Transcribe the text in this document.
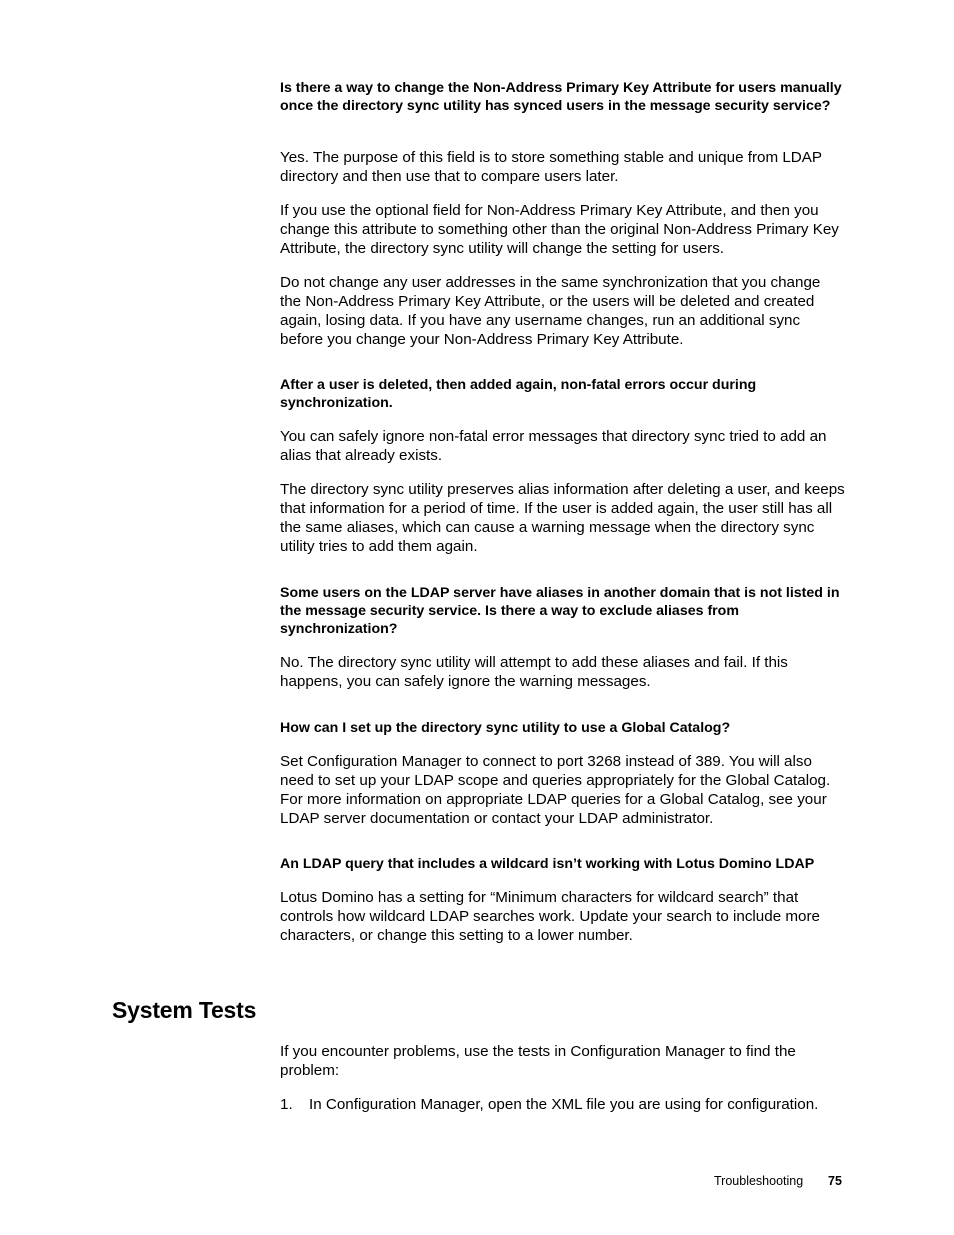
Is there a way to change the Non-Address Primary Key Attribute for users manually once the directory sync utility has synced users in the message security service?

Yes. The purpose of this field is to store something stable and unique from LDAP directory and then use that to compare users later.

If you use the optional field for Non-Address Primary Key Attribute, and then you change this attribute to something other than the original Non-Address Primary Key Attribute, the directory sync utility will change the setting for users.

Do not change any user addresses in the same synchronization that you change the Non-Address Primary Key Attribute, or the users will be deleted and created again, losing data. If you have any username changes, run an additional sync before you change your Non-Address Primary Key Attribute.

After a user is deleted, then added again, non-fatal errors occur during synchronization.

You can safely ignore non-fatal error messages that directory sync tried to add an alias that already exists.

The directory sync utility preserves alias information after deleting a user, and keeps that information for a period of time. If the user is added again, the user still has all the same aliases, which can cause a warning message when the directory sync utility tries to add them again.

Some users on the LDAP server have aliases in another domain that is not listed in the message security service. Is there a way to exclude aliases from synchronization?

No. The directory sync utility will attempt to add these aliases and fail. If this happens, you can safely ignore the warning messages.

How can I set up the directory sync utility to use a Global Catalog?

Set Configuration Manager to connect to port 3268 instead of 389. You will also need to set up your LDAP scope and queries appropriately for the Global Catalog. For more information on appropriate LDAP queries for a Global Catalog, see your LDAP server documentation or contact your LDAP administrator.

An LDAP query that includes a wildcard isn’t working with Lotus Domino LDAP

Lotus Domino has a setting for “Minimum characters for wildcard search” that controls how wildcard LDAP searches work. Update your search to include more characters, or change this setting to a lower number.

System Tests

If you encounter problems, use the tests in Configuration Manager to find the problem:

1. In Configuration Manager, open the XML file you are using for configuration.

Troubleshooting 75
